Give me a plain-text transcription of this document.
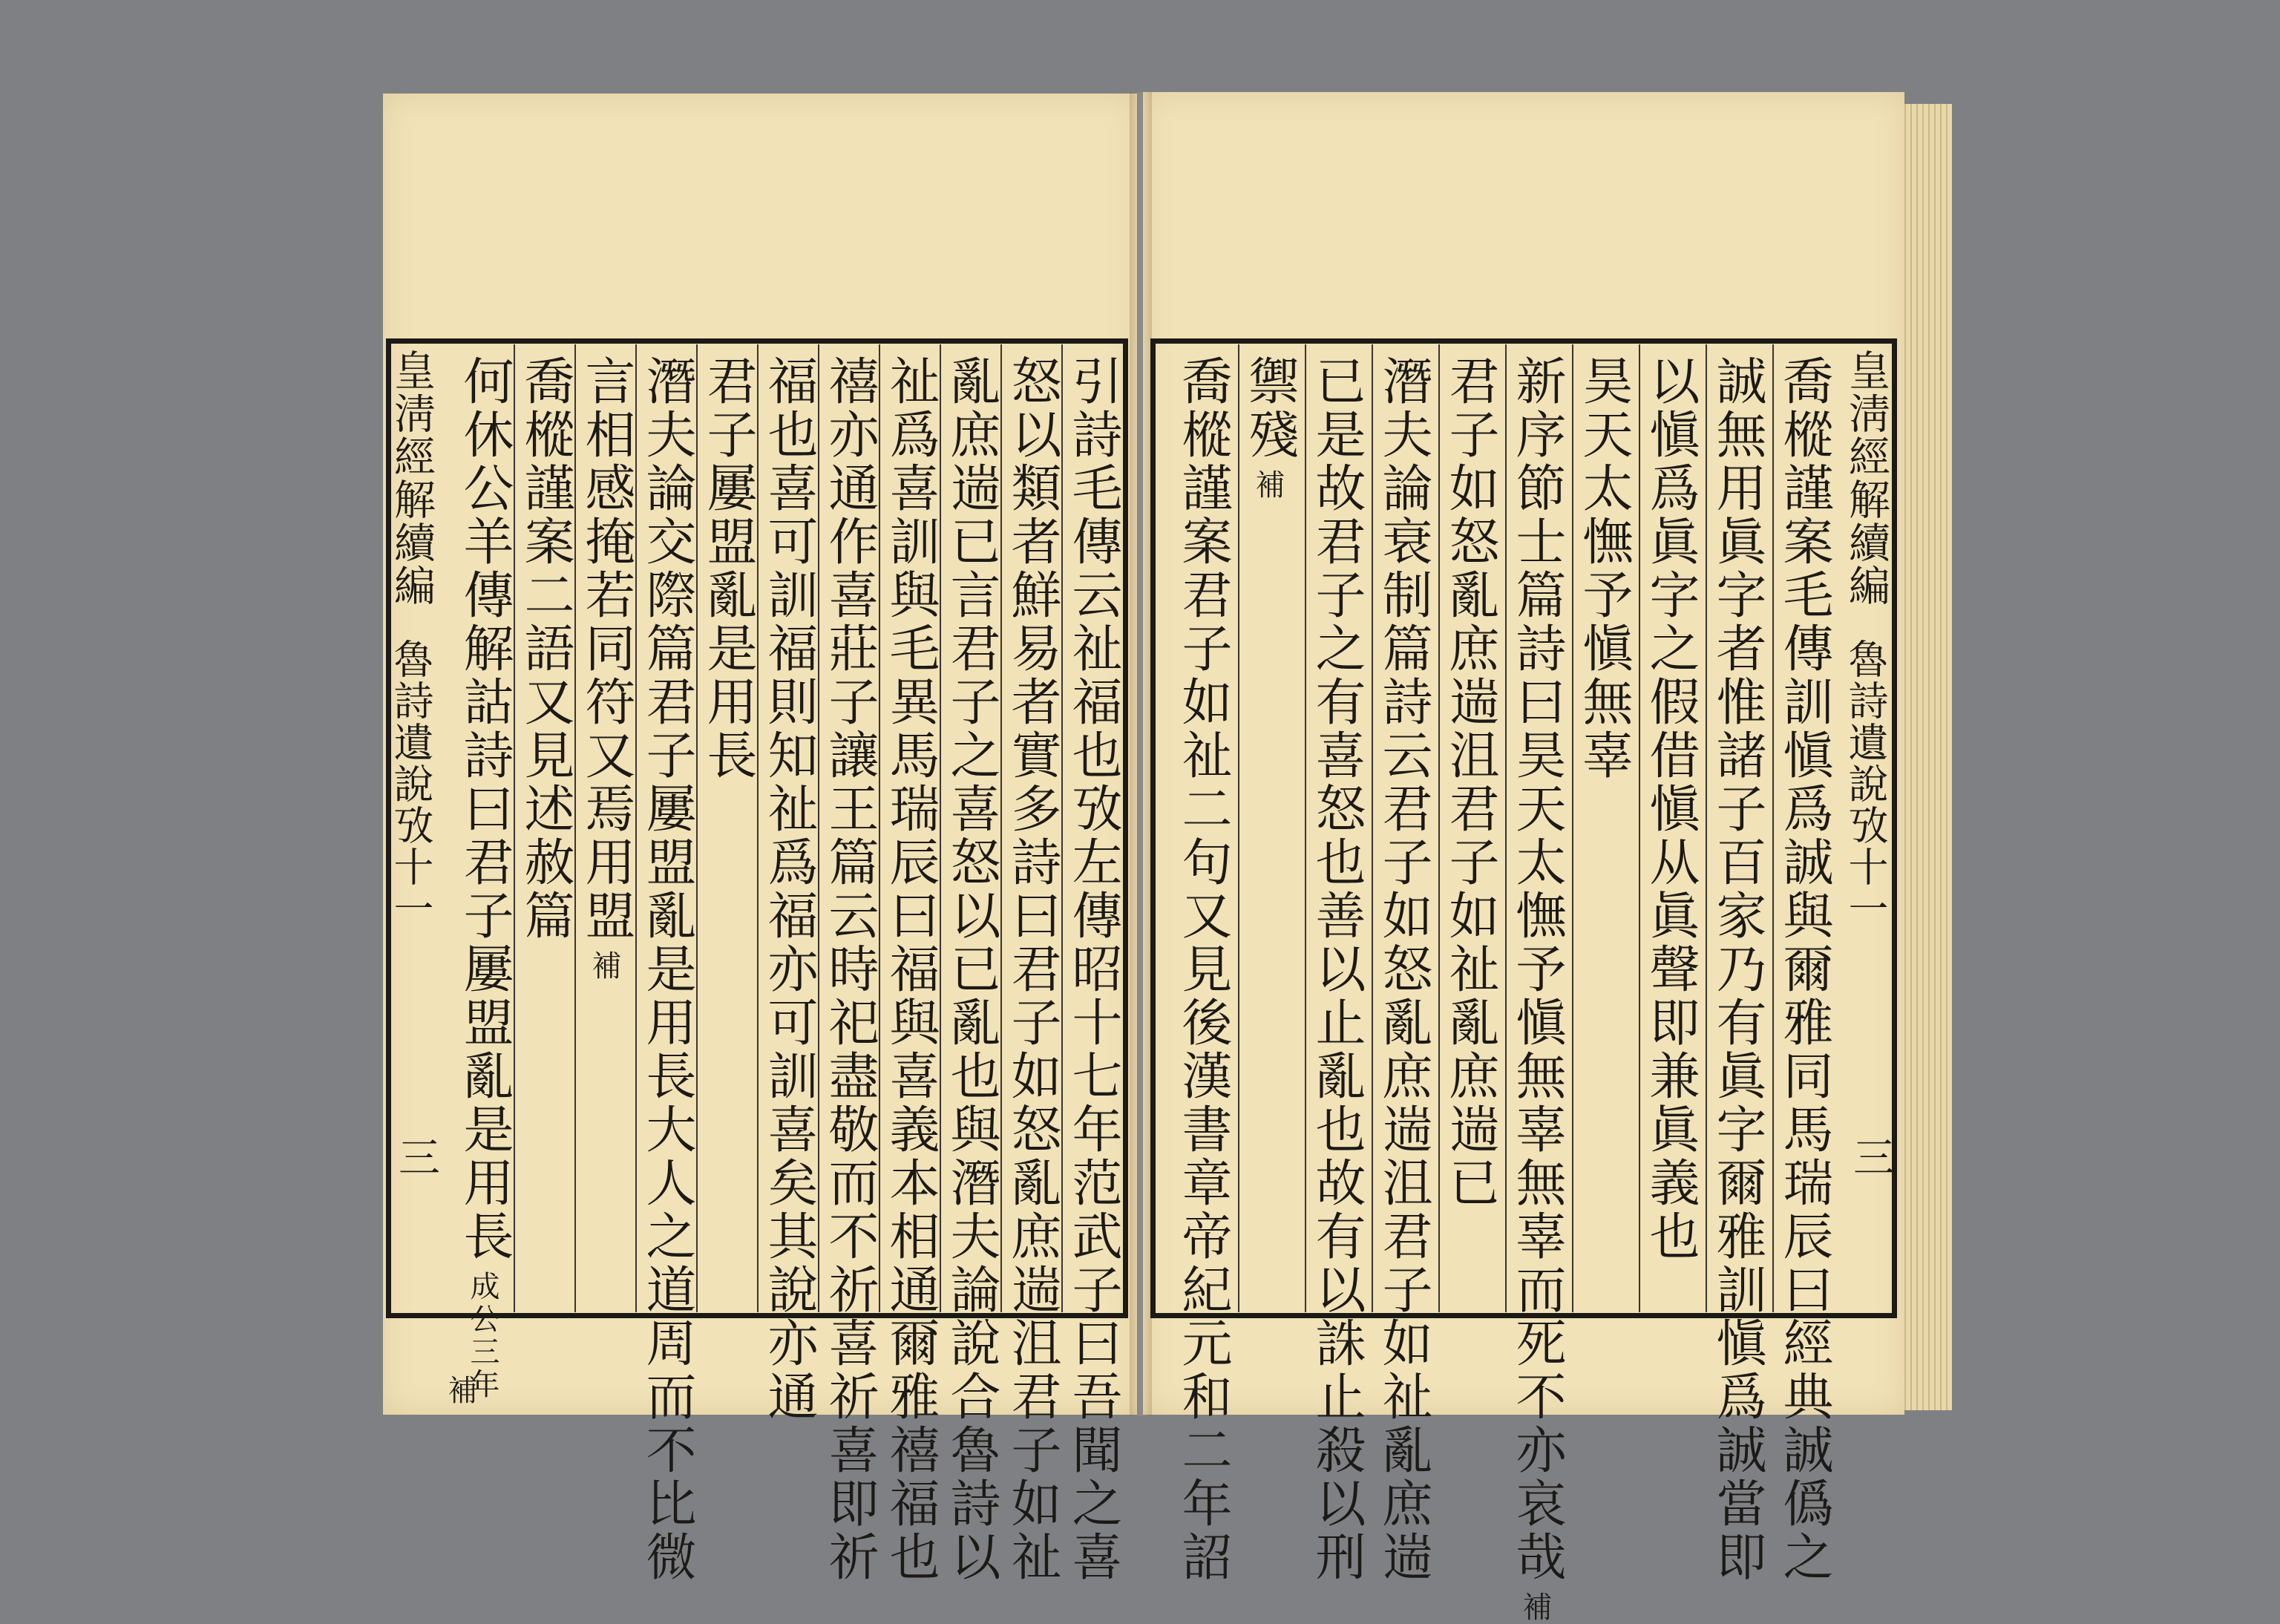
皇淸經解續編
魯詩遺說攷十一
三
皇淸經解續編
魯詩遺說攷十一
三
引詩毛傳云祉福也攷左傳昭十七年范武子曰吾聞之喜
怒以類者鮮易者實多詩曰君子如怒亂庶遄沮君子如祉
亂庶遄已言君子之喜怒以已亂也與潛夫論說合魯詩以
祉爲喜訓與毛異馬瑞辰曰福與喜義本相通爾雅禧福也
禧亦通作喜莊子讓王篇云時祀盡敬而不祈喜祈喜即祈
福也喜可訓福則知祉爲福亦可訓喜矣其說亦通
君子屢盟亂是用長
潛夫論交際篇君子屢盟亂是用長大人之道周而不比微
言相感掩若同符又焉用盟
補
喬樅謹案二語又見述赦篇
何休公羊傳解詁詩曰君子屢盟亂是用長
成公三年
補	喬樅謹案毛傳訓愼爲誠與爾雅同馬瑞辰曰經典誠僞之
誠無用眞字者惟諸子百家乃有眞字爾雅訓愼爲誠當即
以愼爲眞字之假借愼从眞聲即兼眞義也
昊天太憮予愼無辜
新序節士篇詩曰昊天太憮予愼無辜無辜而死不亦哀哉
補
君子如怒亂庶遄沮君子如祉亂庶遄已
潛夫論衰制篇詩云君子如怒亂庶遄沮君子如祉亂庶遄
已是故君子之有喜怒也善以止亂也故有以誅止殺以刑
禦殘
補
喬樅謹案君子如祉二句又見後漢書章帝紀元和二年詔
